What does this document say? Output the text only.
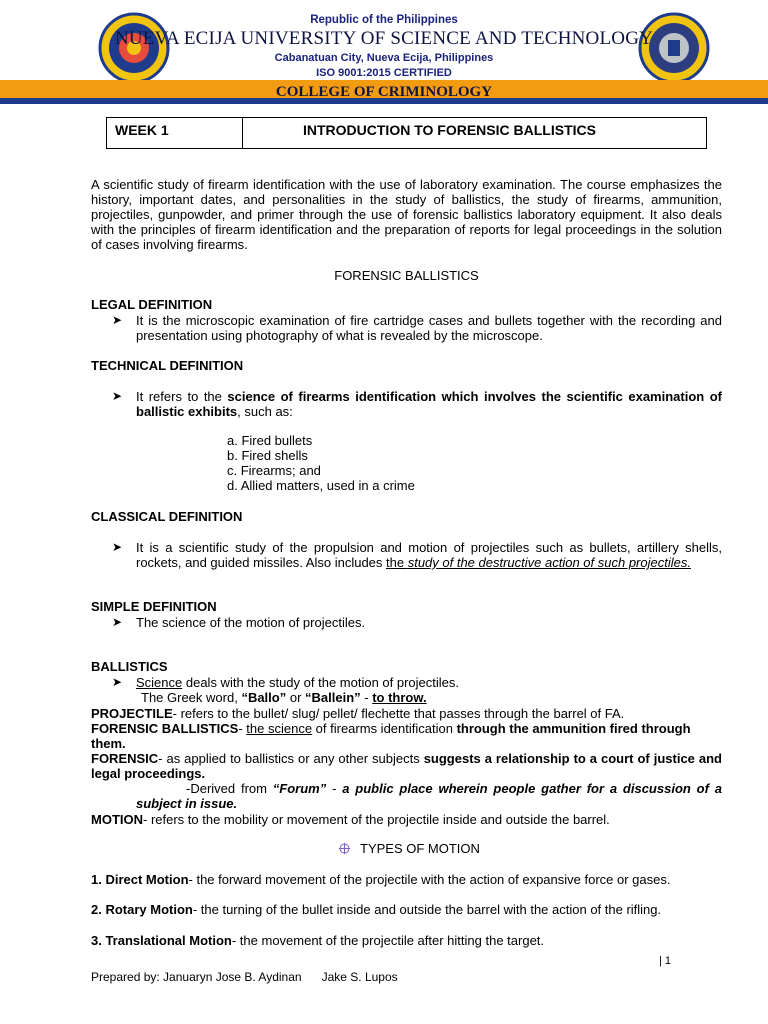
Republic of the Philippines
NUEVA ECIJA UNIVERSITY OF SCIENCE AND TECHNOLOGY
Cabanatuan City, Nueva Ecija, Philippines
ISO 9001:2015 CERTIFIED
COLLEGE OF CRIMINOLOGY
WEEK 1	INTRODUCTION TO FORENSIC BALLISTICS
A scientific study of firearm identification with the use of laboratory examination. The course emphasizes the history, important dates, and personalities in the study of ballistics, the study of firearms, ammunition, projectiles, gunpowder, and primer through the use of forensic ballistics laboratory equipment. It also deals with the principles of firearm identification and the preparation of reports for legal proceedings in the solution of cases involving firearms.
FORENSIC BALLISTICS
LEGAL DEFINITION
➤ It is the microscopic examination of fire cartridge cases and bullets together with the recording and presentation using photography of what is revealed by the microscope.
TECHNICAL DEFINITION
➤ It refers to the science of firearms identification which involves the scientific examination of ballistic exhibits, such as:
a. Fired bullets
b. Fired shells
c. Firearms; and
d. Allied matters, used in a crime
CLASSICAL DEFINITION
➤ It is a scientific study of the propulsion and motion of projectiles such as bullets, artillery shells, rockets, and guided missiles. Also includes the study of the destructive action of such projectiles.
SIMPLE DEFINITION
➤ The science of the motion of projectiles.
BALLISTICS
➤ Science deals with the study of the motion of projectiles.
The Greek word, “Ballo” or “Ballein” - to throw.
PROJECTILE- refers to the bullet/ slug/ pellet/ flechette that passes through the barrel of FA.
FORENSIC BALLISTICS- the science of firearms identification through the ammunition fired through them.
FORENSIC- as applied to ballistics or any other subjects suggests a relationship to a court of justice and legal proceedings.
-Derived from “Forum” - a public place wherein people gather for a discussion of a subject in issue.
MOTION- refers to the mobility or movement of the projectile inside and outside the barrel.
TYPES OF MOTION
1. Direct Motion- the forward movement of the projectile with the action of expansive force or gases.
2. Rotary Motion- the turning of the bullet inside and outside the barrel with the action of the rifling.
3. Translational Motion- the movement of the projectile after hitting the target.
| 1
Prepared by: Januaryn Jose B. Aydinan      Jake S. Lupos
